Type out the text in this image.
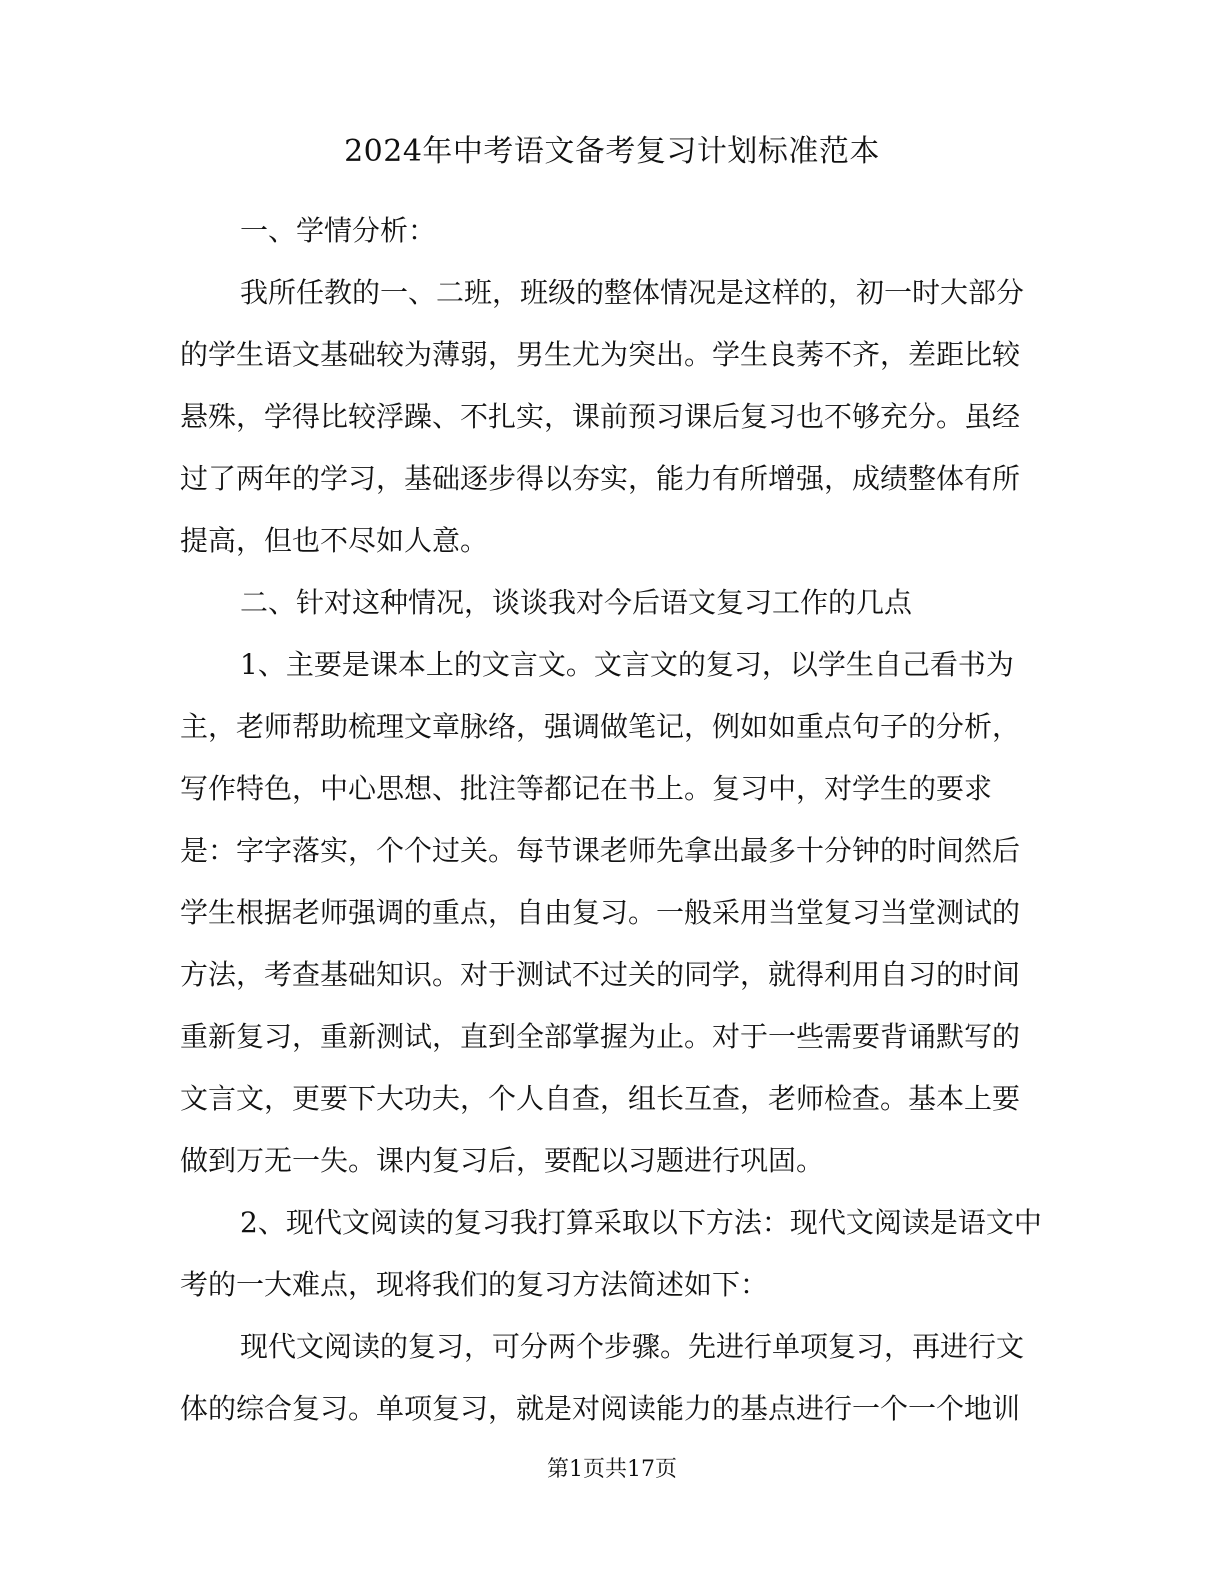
2024年中考语文备考复习计划标准范本
一、学情分析：
我所任教的一、二班，班级的整体情况是这样的，初一时大部分
的学生语文基础较为薄弱，男生尤为突出。学生良莠不齐，差距比较
悬殊，学得比较浮躁、不扎实，课前预习课后复习也不够充分。虽经
过了两年的学习，基础逐步得以夯实，能力有所增强，成绩整体有所
提高，但也不尽如人意。
二、针对这种情况，谈谈我对今后语文复习工作的几点
1、主要是课本上的文言文。文言文的复习，以学生自己看书为
主，老师帮助梳理文章脉络，强调做笔记，例如如重点句子的分析，
写作特色，中心思想、批注等都记在书上。复习中，对学生的要求
是：字字落实，个个过关。每节课老师先拿出最多十分钟的时间然后
学生根据老师强调的重点，自由复习。一般采用当堂复习当堂测试的
方法，考查基础知识。对于测试不过关的同学，就得利用自习的时间
重新复习，重新测试，直到全部掌握为止。对于一些需要背诵默写的
文言文，更要下大功夫，个人自查，组长互查，老师检查。基本上要
做到万无一失。课内复习后，要配以习题进行巩固。
2、现代文阅读的复习我打算采取以下方法：现代文阅读是语文中
考的一大难点，现将我们的复习方法简述如下：
现代文阅读的复习，可分两个步骤。先进行单项复习，再进行文
体的综合复习。单项复习，就是对阅读能力的基点进行一个一个地训
第1页共17页
